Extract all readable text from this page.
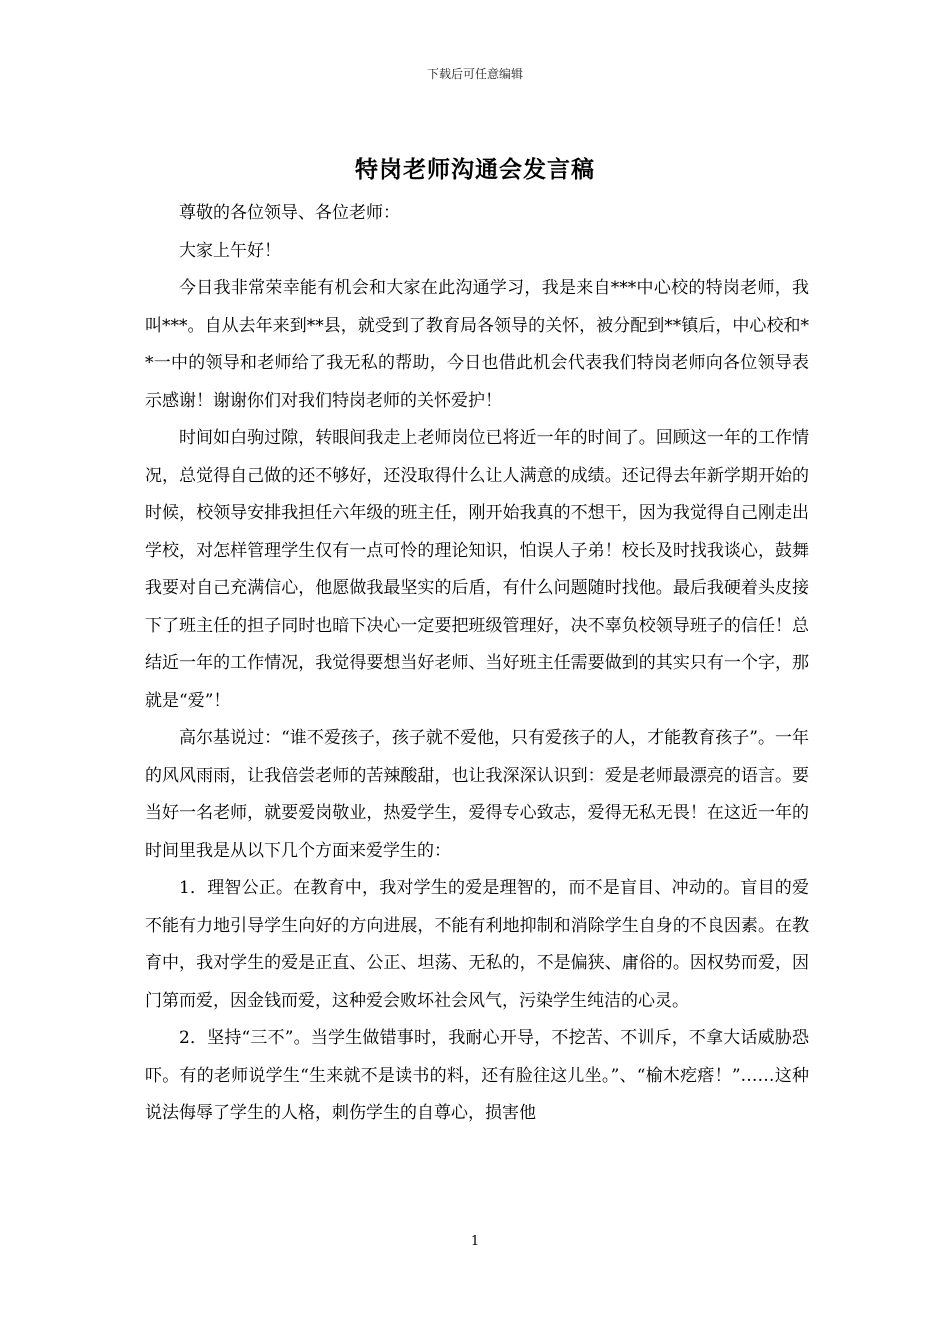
下载后可任意编辑
特岗老师沟通会发言稿

尊敬的各位领导、各位老师：

大家上午好！

今日我非常荣幸能有机会和大家在此沟通学习，我是来自***中心校的特岗老师，我叫***。自从去年来到**县，就受到了教育局各领导的关怀，被分配到**镇后，中心校和**一中的领导和老师给了我无私的帮助，今日也借此机会代表我们特岗老师向各位领导表示感谢！谢谢你们对我们特岗老师的关怀爱护！

时间如白驹过隙，转眼间我走上老师岗位已将近一年的时间了。回顾这一年的工作情况，总觉得自己做的还不够好，还没取得什么让人满意的成绩。还记得去年新学期开始的时候，校领导安排我担任六年级的班主任，刚开始我真的不想干，因为我觉得自己刚走出学校，对怎样管理学生仅有一点可怜的理论知识，怕误人子弟！校长及时找我谈心，鼓舞我要对自己充满信心，他愿做我最坚实的后盾，有什么问题随时找他。最后我硬着头皮接下了班主任的担子同时也暗下决心一定要把班级管理好，决不辜负校领导班子的信任！总结近一年的工作情况，我觉得要想当好老师、当好班主任需要做到的其实只有一个字，那就是“爱”！

高尔基说过：“谁不爱孩子，孩子就不爱他，只有爱孩子的人，才能教育孩子”。一年的风风雨雨，让我倍尝老师的苦辣酸甜，也让我深深认识到：爱是老师最漂亮的语言。要当好一名老师，就要爱岗敬业，热爱学生，爱得专心致志，爱得无私无畏！在这近一年的时间里我是从以下几个方面来爱学生的：

1．理智公正。在教育中，我对学生的爱是理智的，而不是盲目、冲动的。盲目的爱不能有力地引导学生向好的方向进展，不能有利地抑制和消除学生自身的不良因素。在教育中，我对学生的爱是正直、公正、坦荡、无私的，不是偏狭、庸俗的。因权势而爱，因门第而爱，因金钱而爱，这种爱会败坏社会风气，污染学生纯洁的心灵。

2．坚持“三不”。当学生做错事时，我耐心开导，不挖苦、不训斥，不拿大话威胁恐吓。有的老师说学生“生来就不是读书的料，还有脸往这儿坐。”、“榆木疙瘩！”……这种说法侮辱了学生的人格，刺伤学生的自尊心，损害他

1
